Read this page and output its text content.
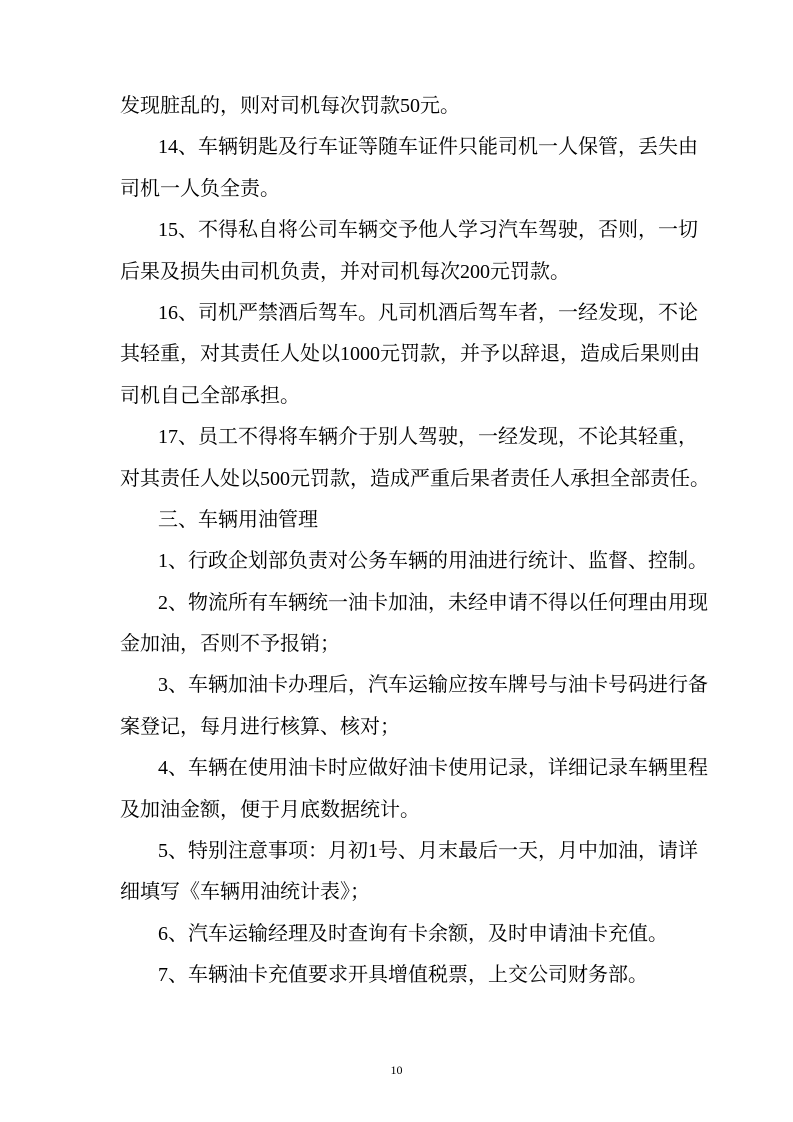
发现脏乱的，则对司机每次罚款50元。
14、车辆钥匙及行车证等随车证件只能司机一人保管，丢失由
司机一人负全责。
15、不得私自将公司车辆交予他人学习汽车驾驶，否则，一切
后果及损失由司机负责，并对司机每次200元罚款。
16、司机严禁酒后驾车。凡司机酒后驾车者，一经发现，不论
其轻重，对其责任人处以1000元罚款，并予以辞退，造成后果则由
司机自己全部承担。
17、员工不得将车辆介于别人驾驶，一经发现，不论其轻重，
对其责任人处以500元罚款，造成严重后果者责任人承担全部责任。
三、车辆用油管理
1、行政企划部负责对公务车辆的用油进行统计、监督、控制。
2、物流所有车辆统一油卡加油，未经申请不得以任何理由用现
金加油，否则不予报销；
3、车辆加油卡办理后，汽车运输应按车牌号与油卡号码进行备
案登记，每月进行核算、核对；
4、车辆在使用油卡时应做好油卡使用记录，详细记录车辆里程
及加油金额，便于月底数据统计。
5、特别注意事项：月初1号、月末最后一天，月中加油，请详
细填写《车辆用油统计表》；
6、汽车运输经理及时查询有卡余额，及时申请油卡充值。
7、车辆油卡充值要求开具增值税票，上交公司财务部。
10
